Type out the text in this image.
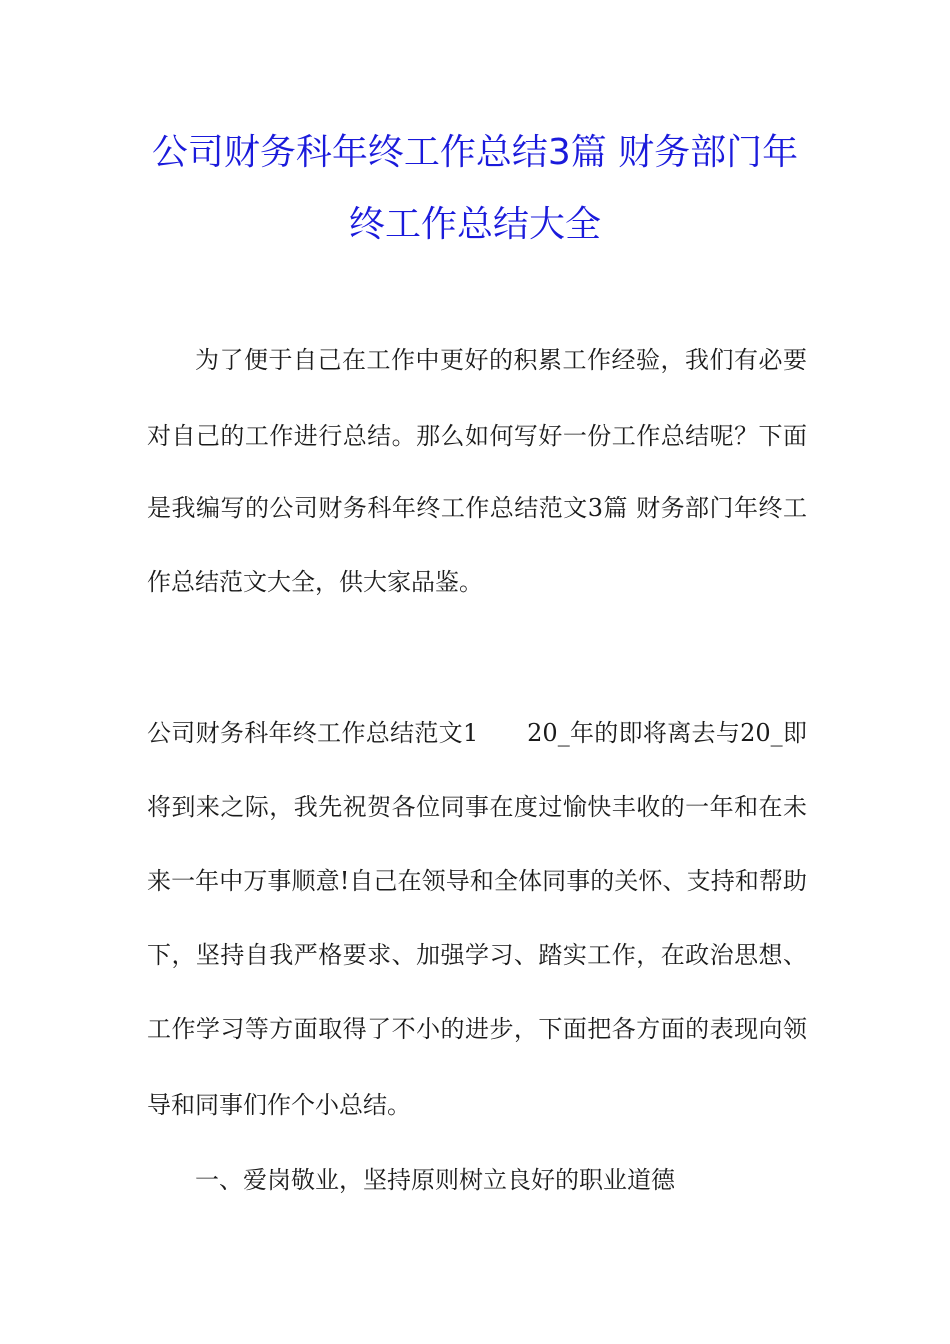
公司财务科年终工作总结3篇 财务部门年
终工作总结大全
为了便于自己在工作中更好的积累工作经验，我们有必要
对自己的工作进行总结。那么如何写好一份工作总结呢？下面
是我编写的公司财务科年终工作总结范文3篇 财务部门年终工
作总结范文大全，供大家品鉴。
公司财务科年终工作总结范文1　　20_年的即将离去与20_即
将到来之际，我先祝贺各位同事在度过愉快丰收的一年和在未
来一年中万事顺意!自己在领导和全体同事的关怀、支持和帮助
下，坚持自我严格要求、加强学习、踏实工作，在政治思想、
工作学习等方面取得了不小的进步，下面把各方面的表现向领
导和同事们作个小总结。
一、爱岗敬业，坚持原则树立良好的职业道德
